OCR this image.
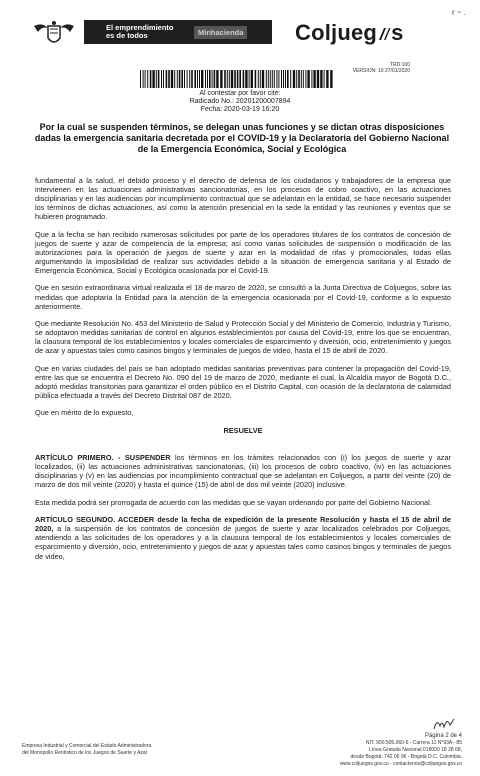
El emprendimiento
es de todos	Minhacienda Coljueg s
r ~ .
TRD:100
VERSION: 10 27/01/2020
Al contestar por favor cite:
Radicado No.: 20201200007894
Fecha: 2020-03-19 16:20
Por la cual se suspenden términos, se delegan unas funciones y se dictan otras disposiciones dadas la emergencia sanitaria decretada por el COVID-19 y la Declaratoria del Gobierno Nacional de la Emergencia Económica, Social y Ecológica

fundamental a la salud, el debido proceso y el derecho de defensa de los ciudadanos y trabajadores de la empresa que intervienen en las actuaciones administrativas sancionatorias, en los procesos de cobro coactivo, en las actuaciones disciplinarias y en las audiencias por incumplimiento contractual que se adelantan en la entidad, se hace necesario suspender los términos de dichas actuaciones, así como la atención presencial en la sede la entidad y las reuniones y eventos que se hubieren programado.

Que a la fecha se han recibido numerosas solicitudes por parte de los operadores titulares de los contratos de concesión de juegos de suerte y azar de competencia de la empresa; así como varias solicitudes de suspensión o modificación de las autorizaciones para la operación de juegos de suerte y azar en la modalidad de rifas y promocionales, todas ellas argumentando la imposibilidad de realizar sus actividades debido a la situación de emergencia sanitaria y al Estado de Emergencia Económica, Social y Ecológica ocasionada por el Covid-19.

Que en sesión extraordinaria virtual realizada el 18 de marzo de 2020, se consultó a la Junta Directiva de Coljuegos, sobre las medidas que adoptaría la Entidad para la atención de la emergencia ocasionada por el Covid-19, conforme a lo expuesto anteriormente.

Que mediante Resolución No. 453 del Ministerio de Salud y Protección Social y del Ministerio de Comercio, Industria y Turismo, se adoptaron medidas sanitarias de control en algunos establecimientos por causa del Covid-19, entre los que se encuentran, la clausura temporal de los establecimientos y locales comerciales de esparcimiento y diversión, ocio, entretenimiento y juegos de azar y apuestas tales como casinos bingos y terminales de juegos de video, hasta el 15 de abril de 2020.

Que en varias ciudades del país se han adoptado medidas sanitarias preventivas para contener la propagación del Covid-19, entre las que se encuentra el Decreto No. 090 del 19 de marzo de 2020, mediante el cual, la Alcaldía mayor de Bogotá D.C., adoptó medidas transitorias para garantizar el orden público en el Distrito Capital, con ocasión de la declaratoria de calamidad pública efectuada a través del Decreto Distrital 087 de 2020.

Que en mérito de lo expuesto,

RESUELVE

ARTÍCULO PRIMERO. - SUSPENDER los términos en los trámites relacionados con (i) los juegos de suerte y azar localizados, (ii) las actuaciones administrativas sancionatorias, (iii) los procesos de cobro coactivo, (iv) en las actuaciones disciplinarias y (v) en las audiencias por incumplimiento contractual que se adelantan en Coljuegos, a partir del veinte (20) de marzo de dos mil veinte (2020) y hasta el quince (15) de abril de dos mil veinte (2020) inclusive.

Esta medida podrá ser prorrogada de acuerdo con las medidas que se vayan ordenando por parte del Gobierno Nacional.

ARTÍCULO SEGUNDO. ACCEDER desde la fecha de expedición de la presente Resolución y hasta el 15 de abril de 2020, a la suspensión de los contratos de concesión de juegos de suerte y azar localizados celebrados por Coljuegos, atendiendo a las solicitudes de los operadores y a la clausura temporal de los establecimientos y locales comerciales de esparcimiento y diversión, ocio, entretenimiento y juegos de azar y apuestas tales como casinos bingos y terminales de juegos de video,

Empresa Industrial y Comercial del Estado Administradora
del Monopolio Rentístico de los Juegos de Suerte y Azar
Página 2 de 4
NIT. 900.505.060-5 - Carrera 11 N°93A - 85
Línea Gratuita Nacional 018000 18 28 68,
desde Bogotá: 742 06 96 - Bogotá D.C. Colombia.
www.coljuegos.gov.co - contactenos@coljuegos.gov.co
